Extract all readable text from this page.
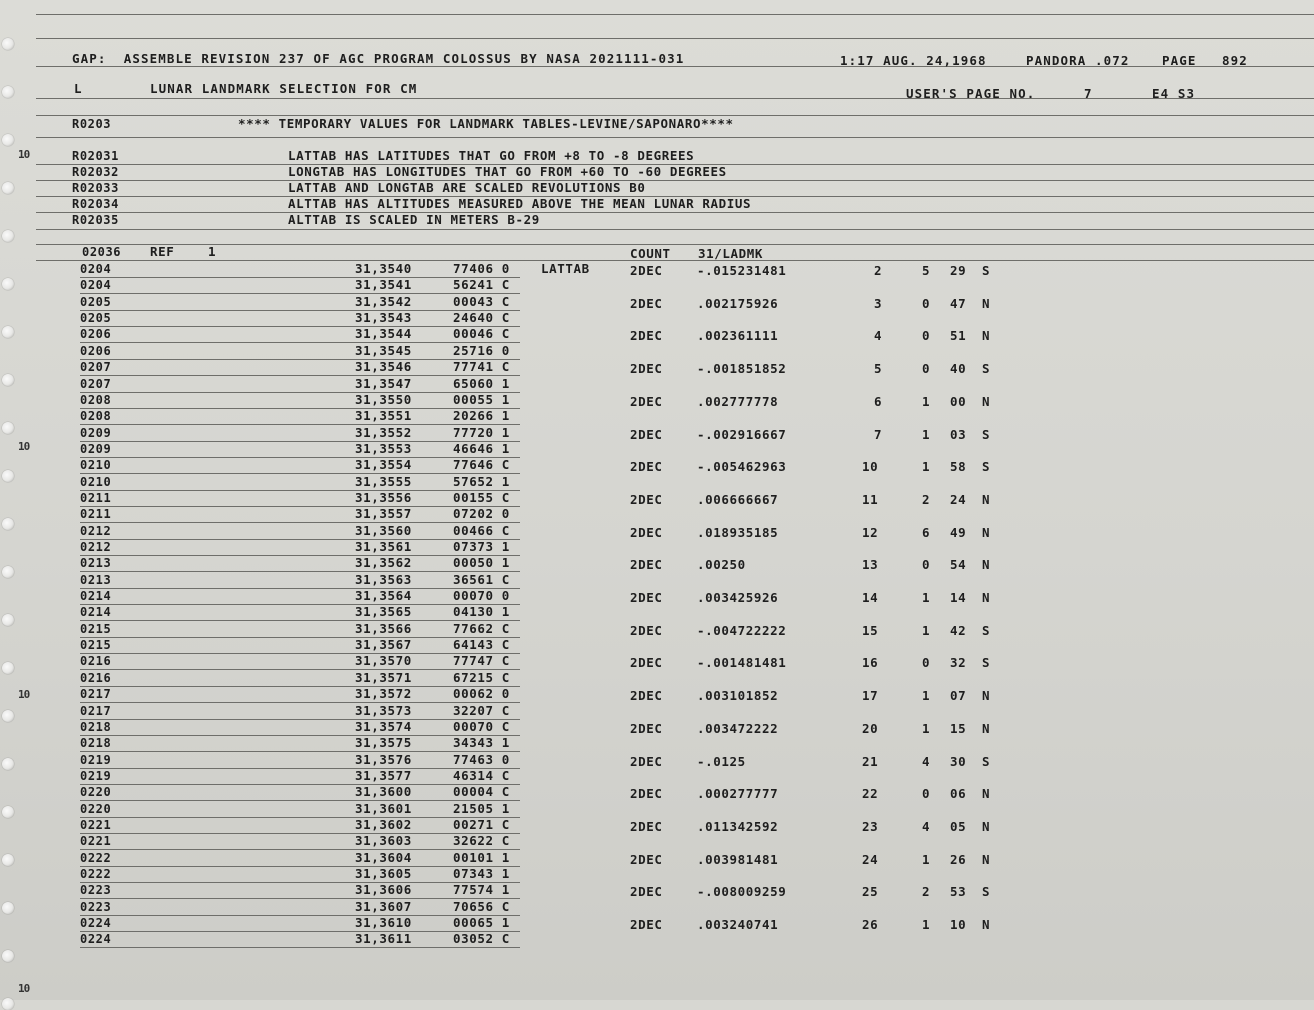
GAP:  ASSEMBLE REVISION 237 OF AGC PROGRAM COLOSSUS BY NASA 2021111-031	1:17 AUG. 24,1968	PANDORA .072	PAGE 892
L	LUNAR LANDMARK SELECTION FOR CM	USER'S PAGE NO.	7	E4 S3
R0203	**** TEMPORARY VALUES FOR LANDMARK TABLES-LEVINE/SAPONARO****
R02031	LATTAB HAS LATITUDES THAT GO FROM +8 TO -8 DEGREES
R02032	LONGTAB HAS LONGITUDES THAT GO FROM +60 TO -60 DEGREES
R02033	LATTAB AND LONGTAB ARE SCALED REVOLUTIONS B0
R02034	ALTTAB HAS ALTITUDES MEASURED ABOVE THE MEAN LUNAR RADIUS
R02035	ALTTAB IS SCALED IN METERS B-29
02036 REF	1	COUNT 31/LADMK
0204	31,3540	77406 0 LATTAB	2DEC	-.015231481	2	5 29 S
0204	31,3541	56241 C
0205	31,3542	00043 C	2DEC	.002175926	3	0 47 N
0205	31,3543	24640 C
0206	31,3544	00046 C	2DEC	.002361111	4	0 51 N
0206	31,3545	25716 0
0207	31,3546	77741 C	2DEC	-.001851852	5	0 40 S
0207	31,3547	65060 1
0208	31,3550	00055 1	2DEC	.002777778	6	1 00 N
0208	31,3551	20266 1
0209	31,3552	77720 1	2DEC	-.002916667	7	1 03 S
0209	31,3553	46646 1
0210	31,3554	77646 C	2DEC	-.005462963	10	1 58 S
0210	31,3555	57652 1
0211	31,3556	00155 C	2DEC	.006666667	11	2 24 N
0211	31,3557	07202 0
0212	31,3560	00466 C	2DEC	.018935185	12	6 49 N
0212	31,3561	07373 1
0213	31,3562	00050 1	2DEC	.00250	13	0 54 N
0213	31,3563	36561 C
0214	31,3564	00070 0	2DEC	.003425926	14	1 14 N
0214	31,3565	04130 1
0215	31,3566	77662 C	2DEC	-.004722222	15	1 42 S
0215	31,3567	64143 C
0216	31,3570	77747 C	2DEC	-.001481481	16	0 32 S
0216	31,3571	67215 C
0217	31,3572	00062 0	2DEC	.003101852	17	1 07 N
0217	31,3573	32207 C
0218	31,3574	00070 C	2DEC	.003472222	20	1 15 N
0218	31,3575	34343 1
0219	31,3576	77463 0	2DEC	-.0125	21	4 30 S
0219	31,3577	46314 C
0220	31,3600	00004 C	2DEC	.000277777	22	0 06 N
0220	31,3601	21505 1
0221	31,3602	00271 C	2DEC	.011342592	23	4 05 N
0221	31,3603	32622 C
0222	31,3604	00101 1	2DEC	.003981481	24	1 26 N
0222	31,3605	07343 1
0223	31,3606	77574 1	2DEC	-.008009259	25	2 53 S
0223	31,3607	70656 C
0224	31,3610	00065 1	2DEC	.003240741	26	1 10 N
0224	31,3611	03052 C
10
10
10
10
